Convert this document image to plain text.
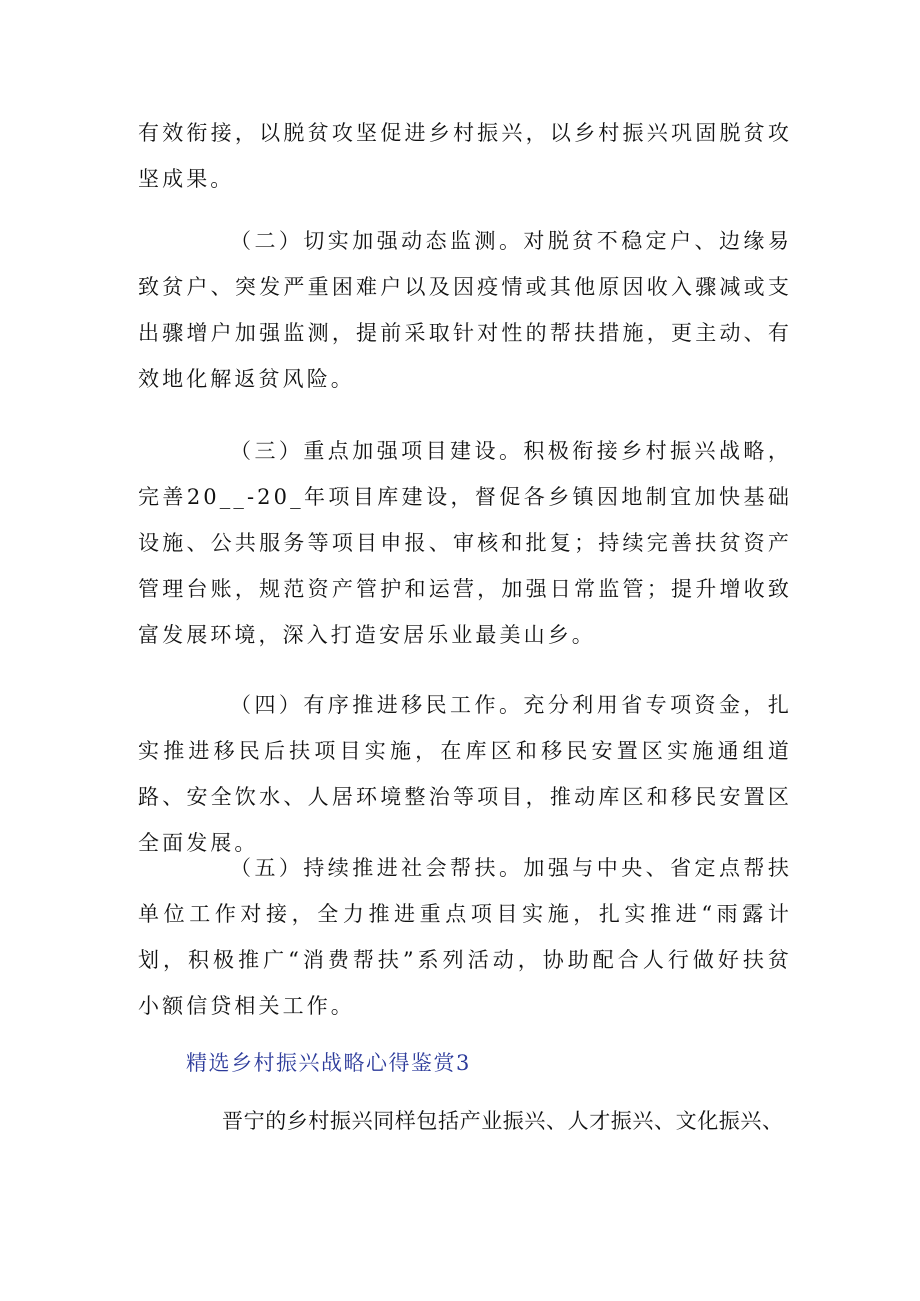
有效衔接，以脱贫攻坚促进乡村振兴，以乡村振兴巩固脱贫攻坚成果。

（二）切实加强动态监测。对脱贫不稳定户、边缘易致贫户、突发严重困难户以及因疫情或其他原因收入骤减或支出骤增户加强监测，提前采取针对性的帮扶措施，更主动、有效地化解返贫风险。

（三）重点加强项目建设。积极衔接乡村振兴战略，完善20__-20_年项目库建设，督促各乡镇因地制宜加快基础设施、公共服务等项目申报、审核和批复；持续完善扶贫资产管理台账，规范资产管护和运营，加强日常监管；提升增收致富发展环境，深入打造安居乐业最美山乡。

（四）有序推进移民工作。充分利用省专项资金，扎实推进移民后扶项目实施，在库区和移民安置区实施通组道路、安全饮水、人居环境整治等项目，推动库区和移民安置区全面发展。

（五）持续推进社会帮扶。加强与中央、省定点帮扶单位工作对接，全力推进重点项目实施，扎实推进“雨露计划，积极推广“消费帮扶”系列活动，协助配合人行做好扶贫小额信贷相关工作。

精选乡村振兴战略心得鉴赏3

晋宁的乡村振兴同样包括产业振兴、人才振兴、文化振兴、
